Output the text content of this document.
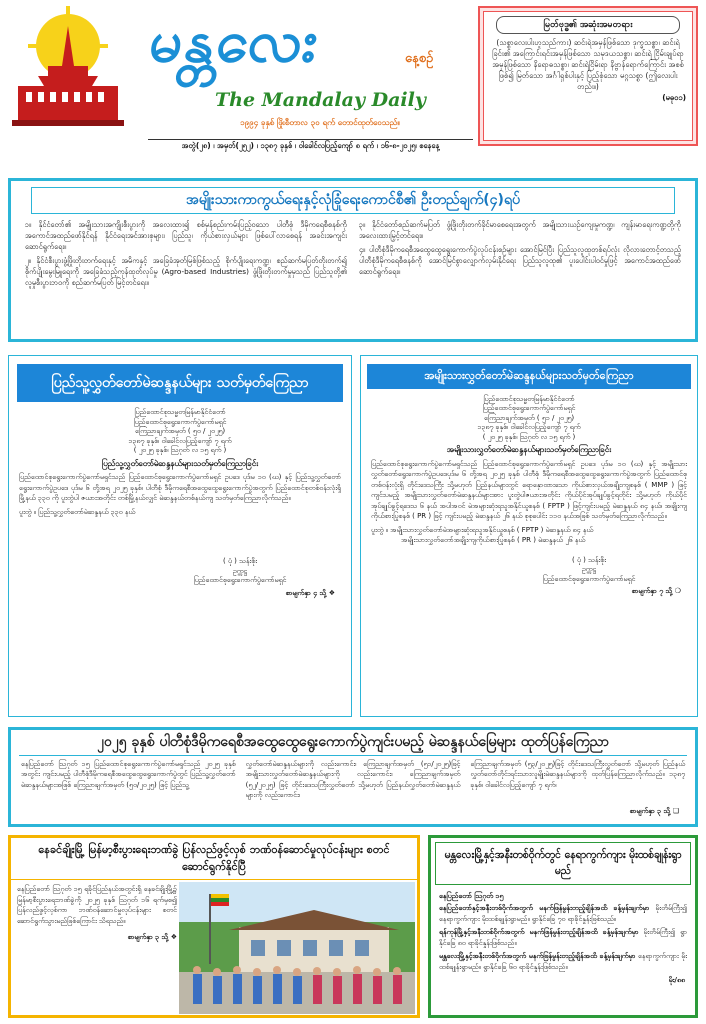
မန္တလေး	နေ့စဉ်
The Mandalay Daily
၁၉၉၄ ခုနှစ် ဖြိုးစီတာလ ၃၀ ရက် တောင်ထုတ်ဝေသည်။
အတွဲ(၂၈) ၊ အမှတ်(၂၅၂) ၊ ၁၃၈၇ ခုနှစ် ၊ ဝါခေါင်လပြည့်ကျော် ၈ ရက် ၊ ၁၆-၈-၂၀၂၅၊ စနေနေ့
မြတ်ဗုဒ္ဓ၏ အဆုံးအမတရား
(သစ္စာလေးပါးဟူသည်ကား) ဆင်းရဲအမှန်ဖြစ်သော ဒုက္ခသစ္စာ၊ ဆင်းရဲခြင်း၏ အကြောင်းရင်းအမှန်ဖြစ်သော သမုဒယသစ္စာ၊ ဆင်းရဲ ငြိမ်းချုပ်ရာအမှန်ဖြစ်သော နိရောဓသစ္စာ၊ ဆင်းရဲငြိမ်းရာ နိဗ္ဗာန်ရောက်ကြောင်း အစစ်ဖြစ်၍ မြတ်သော အင်္ဂါရှစ်ပါးနှင့် ပြည့်စုံသော မဂ္ဂသစ္စာ (ဤလေးပါးတည်း။)
(မဓု၀၁)
အမျိုးသားကာကွယ်ရေးနှင့်လုံခြုံရေးကောင်စီ၏ ဦးတည်ချက်(၄)ရပ်

၁။ နိုင်ငံတော်၏ အမျိုးသားအကျိုးစီးပွားကို အလေးထား၍ စစ်မှန်စည်းကမ်းပြည့်ဝသော ပါတီစုံ ဒီမိုကရေစီစနစ်ကို အကောင်အထည်ဖော်နိုင်ရန် နိုင်ငံရေးအင်အားစုများ၊ ပြည်သူ၊ ကိုယ်စားလှယ်များ ဖြစ်ပေါ်လာစေရန် အခင်းအကျင်းဆောင်ရွက်ရေး။

၂။ နိုင်ငံစီးပွားဖွံ့ဖြိုးတိုးတက်ရေးနှင့် အမိကနှင့် အခြေခံအုတ်မြစ်ဖြစ်သည့် စိုက်ပျိုးရေးကဏ္ဍ၊ စည်ဆက်မပြတ်တိုးတက်၍ စိုက်ပျိုးမွေးမြူရေးကို အခြေခံသည့်ကုန်ထုတ်လုပ်မှု (Agro-based Industries) ဖွံ့ဖြိုးတိုးတက်မှုမှသည် ပြည်သူတို့၏ လူမှုစီးပွားဘဝကို စည်ဆက်မပြတ် မြင့်တင်ရေး။

၃။ နိုင်ငံတော်စည်ဆက်မပြတ် ဖွံ့ဖြိုးတိုးတက်ခိုင်မာစေရေးအတွက် အမျိုးသားယဉ်ကျေးမှုကဏ္ဍ၊ ကျန်းမာရေးကဏ္ဍတို့ကို အလေးထားမြှင့်တင်ရေး။

၄။ ပါတီစုံဒီမိုကရေစီအထွေထွေရွေးကောက်ပွဲလုပ်ငန်းစဉ်များ အောင်မြင်ပြီး ပြည်သူလူထုတစ်ရပ်လုံး လိုလားတောင့်တသည့် ပါတီစုံဒီမိုကရေစီစနစ်ကို အောင်မြင်စွာလျှောက်လှမ်းနိုင်ရေး ပြည်သူလူထု၏ ပူးပေါင်းပါဝင်မှုဖြင့် အကောင်အထည်ဖော်ဆောင်ရွက်ရေး။

ပြည်သူ့လွှတ်တော်မဲဆန္ဒနယ်များ သတ်မှတ်ကြေညာ
ပြည်ထောင်စုသမ္မတမြန်မာနိုင်ငံတော်
ပြည်ထောင်စုရွေးကောက်ပွဲကော်မရှင်
ကြေညာချက်အမှတ် ( ၅၀ / ၂၀၂၅)
၁၃၈၇ ခုနှစ်၊ ဝါခေါင်လပြည့်ကျော် ၇ ရက်
( ၂၀၂၅ ခုနှစ်၊ ဩဂုတ် လ ၁၅ ရက် )
ပြည်သူ့လွှတ်တော်မဲဆန္ဒနယ်များသတ်မှတ်ကြေညာခြင်း
ပြည်ထောင်စုရွေးကောက်ပွဲကော်မရှင်သည် ပြည်ထောင်စုရွေးကောက်ပွဲကော်မရှင် ဥပဒေ ပုဒ်မ ၁၀ (ဃ) နှင့် ပြည်သူ့လွှတ်တော်ရွေးကောက်ပွဲဥပဒေ ပုဒ်မ ၆ တို့အရ ၂၀၂၅ ခုနှစ်၊ ပါတီစုံ ဒီမိုကရေစီအထွေထွေရွေးကောက်ပွဲအတွက် ပြည်ထောင်စုတစ်ဝန်းလုံးရှိ မြို့နယ် ၃၃၀ ကို ပူးတွဲပါ ဇယားအတိုင်း တစ်မြို့နယ်လျှင် မဲဆန္ဒနယ်တစ်နယ်ကျ သတ်မှတ်ကြေညာလိုက်သည်။
ပူးတွဲ ။ ပြည်သူ့လွှတ်တော်မဲဆန္ဒနယ် ၃၃၀ နယ်
( ပုံ ) သန်းစိုး
ဥက္ကဋ္ဌ
ပြည်ထောင်စုရွေးကောက်ပွဲကော်မရှင်
စာမျက်နှာ ၄ သို့ ❖
အမျိုးသားလွှတ်တော်မဲဆန္ဒနယ်များသတ်မှတ်ကြေညာ
ပြည်ထောင်စုသမ္မတမြန်မာနိုင်ငံတော်
ပြည်ထောင်စုရွေးကောက်ပွဲကော်မရှင်
ကြေညာချက်အမှတ် ( ၅၁ / ၂၀၂၅)
၁၃၈၇ ခုနှစ်၊ ဝါခေါင်လပြည့်ကျော် ၇ ရက်
( ၂၀၂၅ ခုနှစ်၊ ဩဂုတ် လ ၁၅ ရက် )
အမျိုးသားလွှတ်တော်မဲဆန္ဒနယ်များသတ်မှတ်ကြေညာခြင်း
ပြည်ထောင်စုရွေးကောက်ပွဲကော်မရှင်သည် ပြည်ထောင်စုရွေးကောက်ပွဲကော်မရှင် ဥပဒေ ပုဒ်မ ၁၀ (ဃ) နှင့် အမျိုးသားလွှတ်တော်ရွေးကောက်ပွဲဥပဒေပုဒ်မ ၆ တို့အရ ၂၀၂၅ ခုနှစ် ပါတီစုံ ဒီမိုကရေစီအထွေထွေရွေးကောက်ပွဲအတွက် ပြည်ထောင်စုတစ်ဝန်းလုံးရှိ တိုင်းဒေသကြီး သို့မဟုတ် ပြည်နယ်များတွင် ရောနှောထားသော ကိုယ်စားလှယ်အချိုးကျစနစ် ( MMP ) ဖြင့် ကျင်းပမည့် အမျိုးသားလွှတ်တော်မဲဆန္ဒနယ်များအား ပူးတွဲပါဇယားအတိုင်း ကိုယ်ပိုင်အုပ်ချုပ်ခွင့်ရတိုင်း သို့မဟုတ် ကိုယ်ပိုင်အုပ်ချုပ်ခွင့်ရဒေသ ၆ နယ် အပါအဝင် မဲအများဆုံးရသူအနိုင်ယူစနစ် ( FPTP ) ဖြင့်ကျင်းပမည့် မဲဆန္ဒနယ် ၈၄ နယ်၊ အချိုးကျကိုယ်စားပြုစနစ် ( PR ) ဖြင့် ကျင်းပမည့် မဲဆန္ဒနယ် ၂၆ နယ် စုစုပေါင်း ၁၁၀ နယ်အဖြစ် သတ်မှတ်ကြေညာလိုက်သည်။
ပူးတွဲ ။ အမျိုးသားလွှတ်တော်မဲအများဆုံးရသူအနိုင်ယူစနစ် ( FPTP ) မဲဆန္ဒနယ် ၈၄ နယ်
အမျိုးသားလွှတ်တော်အချိုးကျကိုယ်စားပြုစနစ် ( PR ) မဲဆန္ဒနယ် ၂၆ နယ်
( ပုံ ) သန်းစိုး
ဥက္ကဋ္ဌ
ပြည်ထောင်စုရွေးကောက်ပွဲကော်မရှင်
စာမျက်နှာ ၇ သို့ ❍
၂၀၂၅ ခုနှစ် ပါတီစုံဒီမိုကရေစီအထွေထွေရွေးကောက်ပွဲကျင်းပမည့် မဲဆန္ဒနယ်မြေများ ထုတ်ပြန်ကြေညာ
နေပြည်တော် ဩဂုတ် ၁၅ ပြည်ထောင်စုရွေးကောက်ပွဲကော်မရှင်သည် ၂၀၂၅ ခုနှစ်အတွင်း ကျင်းပမည့် ပါတီစုံဒီမိုကရေစီအထွေထွေရွေးကောက်ပွဲတွင် ပြည်သူ့လွှတ်တော် မဲဆန္ဒနယ်များအဖြစ် ကြေညာချက်အမှတ် (၅၀/၂၀၂၅) ဖြင့် ပြည်သူ့
လွှတ်တော်မဲဆန္ဒနယ်များကို လည်းကောင်း၊ ကြေညာချက်အမှတ် (၅၁/၂၀၂၅)ဖြင့် အမျိုးသားလွှတ်တော်မဲဆန္ဒနယ်များကို လည်းကောင်း၊ ကြေညာချက်အမှတ် (၅၂/၂၀၂၅) ဖြင့် တိုင်းဒေသကြီးလွှတ်တော် သို့မဟုတ် ပြည်နယ်လွှတ်တော်မဲဆန္ဒနယ်များကို လည်းကောင်း၊
ကြေညာချက်အမှတ် (၅၃/၂၀၂၅)ဖြင့် တိုင်းဒေသကြီးလွှတ်တော် သို့မဟုတ် ပြည်နယ်လွှတ်တော်တိုင်းရင်းသားလူမျိုးမဲဆန္ဒနယ်များကို ထုတ်ပြန်ကြေညာလိုက်သည်။ ၁၃၈၇ ခုနှစ်၊ ဝါခေါင်လပြည့်ကျော် ၇ ရက်၊
စာမျက်နှာ ၃ သို့ ❏
နေခင်ချိုးမြို့ မြန်မာ့စီးပွားရေးဘဏ်ခွဲ ပြန်လည်ဖွင့်လှစ် ဘဏ်ဝန်ဆောင်မှုလုပ်ငန်းများ စတင်ဆောင်ရွက်နိုင်ပြီ
နေပြည်တော် ဩဂုတ် ၁၅ ရခိုင်ပြည်နယ်အတွင်းရှိ နေခင်ချိုးမြို့၌ မြန်မာ့စီးပွားရေးဘဏ်ခွဲကို ၂၀၂၅ ခုနှစ် ဩဂုတ် ၁၆ ရက်မှစ၍ ပြန်လည်ဖွင့်လှစ်ကာ ဘဏ်ဝန်ဆောင်မှုလုပ်ငန်းများ စတင်ဆောင်ရွက်သွားမည်ဖြစ်ကြောင်း သိရသည်။
စာမျက်နှာ ၃ သို့ ❖
မန္တလေးမြို့နှင့်အနီးတစ်ဝိုက်တွင် နေရာကွက်ကျား မိုးထစ်ချုန်းရွာမည်
နေပြည်တော် ဩဂုတ် ၁၅
နေပြည်တော်နှင့်အနီးတစ်ဝိုက်အတွက် မနက်ဖြန်မွန်းတည့်ချိန်အထိ ခန့်မှန်းချက်မှာ မိုးတိမ်ကြီး၍ နေရာကွက်ကျား မိုးထစ်ချုန်းရွာမည်။ ရွာနိုင်ခြေ ၇၀ ရာခိုင်နှုန်းဖြစ်သည်။
ရန်ကုန်မြို့နှင့်အနီးတစ်ဝိုက်အတွက် မနက်ဖြန်မွန်းတည့်ချိန်အထိ ခန့်မှန်းချက်မှာ မိုးတိမ်ကြီး၍ ရွာနိုင်ခြေ ၈၀ ရာခိုင်နှုန်းဖြစ်သည်။
မန္တလေးမြို့နှင့်အနီးတစ်ဝိုက်အတွက် မနက်ဖြန်မွန်းတည့်ချိန်အထိ ခန့်မှန်းချက်မှာ နေရာကွက်ကျား မိုးထစ်ချုန်းရွာမည်။ ရွာနိုင်ခြေ ၆၀ ရာခိုင်နှုန်းဖြစ်သည်။
မိုး/၈၈
